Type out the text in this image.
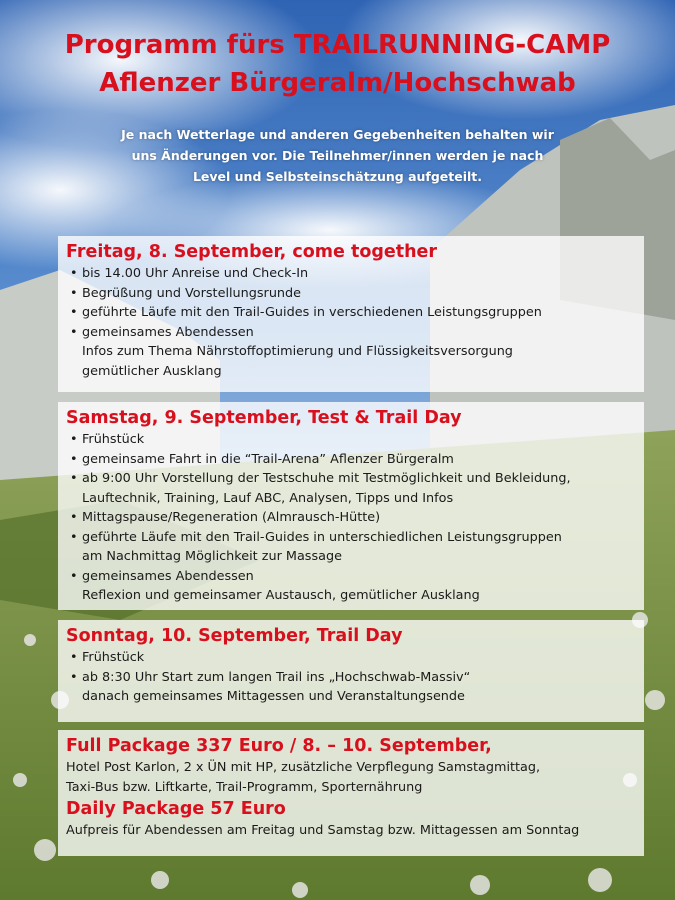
Programm fürs TRAILRUNNING-CAMP
Aflenzer Bürgeralm/Hochschwab
Je nach Wetterlage und anderen Gegebenheiten behalten wir
uns Änderungen vor. Die Teilnehmer/innen werden je nach
Level und Selbsteinschätzung aufgeteilt.
Freitag, 8. September, come together
• bis 14.00 Uhr Anreise und Check-In
• Begrüßung und Vorstellungsrunde
• geführte Läufe mit den Trail-Guides in verschiedenen Leistungsgruppen
• gemeinsames Abendessen
Infos zum Thema Nährstoffoptimierung und Flüssigkeitsversorgung
gemütlicher Ausklang
Samstag, 9. September, Test & Trail Day
• Frühstück
• gemeinsame Fahrt in die “Trail-Arena” Aflenzer Bürgeralm
• ab 9:00 Uhr Vorstellung der Testschuhe mit Testmöglichkeit und Bekleidung,
Lauftechnik, Training, Lauf ABC, Analysen, Tipps und Infos
• Mittagspause/Regeneration (Almrausch-Hütte)
• geführte Läufe mit den Trail-Guides in unterschiedlichen Leistungsgruppen
am Nachmittag Möglichkeit zur Massage
• gemeinsames Abendessen
Reflexion und gemeinsamer Austausch, gemütlicher Ausklang
Sonntag, 10. September, Trail Day
• Frühstück
• ab 8:30 Uhr Start zum langen Trail ins „Hochschwab-Massiv“
danach gemeinsames Mittagessen und Veranstaltungsende
Full Package 337 Euro / 8. – 10. September,

Hotel Post Karlon, 2 x ÜN mit HP, zusätzliche Verpflegung Samstagmittag,

Taxi-Bus bzw. Liftkarte, Trail-Programm, Sporternährung

Daily Package 57 Euro

Aufpreis für Abendessen am Freitag und Samstag bzw. Mittagessen am Sonntag
